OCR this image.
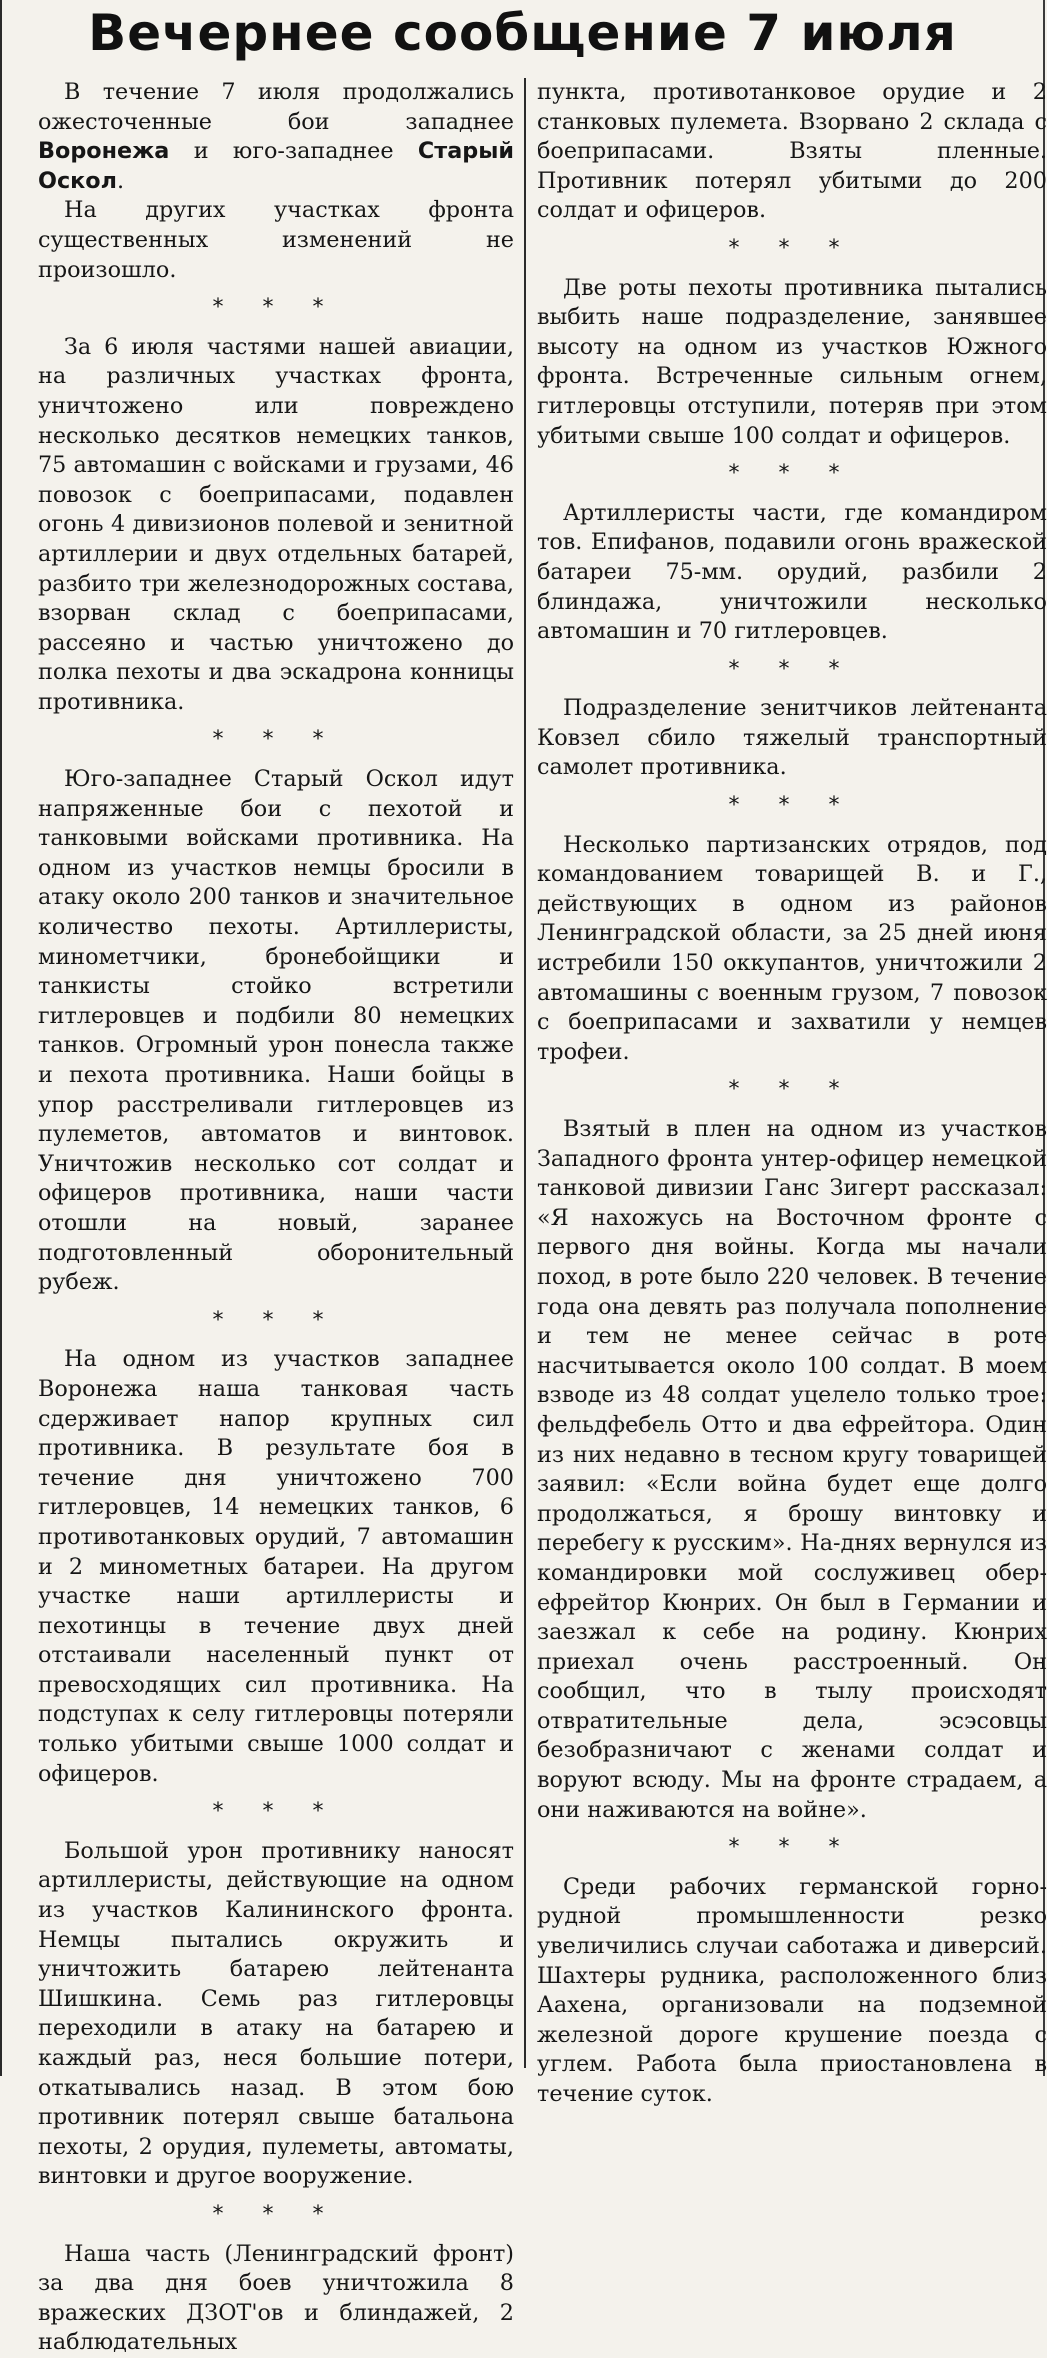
Вечернее сообщение 7 июля

В течение 7 июля продолжались ожесточенные бои западнее Воронежа и юго-западнее Старый Оскол.

На других участках фронта существенных изменений не произошло.

* * *

За 6 июля частями нашей авиации, на различных участках фронта, уничтожено или повреждено несколько десятков немецких танков, 75 автомашин с войсками и грузами, 46 повозок с боеприпасами, подавлен огонь 4 дивизионов полевой и зенитной артиллерии и двух отдельных батарей, разбито три железнодорожных состава, взорван склад с боеприпасами, рассеяно и частью уничтожено до полка пехоты и два эскадрона конницы противника.

* * *

Юго-западнее Старый Оскол идут напряженные бои с пехотой и танковыми войсками противника. На одном из участков немцы бросили в атаку около 200 танков и значительное количество пехоты. Артиллеристы, минометчики, бронебойщики и танкисты стойко встретили гитлеровцев и подбили 80 немецких танков. Огромный урон понесла также и пехота противника. Наши бойцы в упор расстреливали гитлеровцев из пулеметов, автоматов и винтовок. Уничтожив несколько сот солдат и офицеров противника, наши части отошли на новый, заранее подготовленный оборонительный рубеж.

* * *

На одном из участков западнее Воронежа наша танковая часть сдерживает напор крупных сил противника. В результате боя в течение дня уничтожено 700 гитлеровцев, 14 немецких танков, 6 противотанковых орудий, 7 автомашин и 2 минометных батареи. На другом участке наши артиллеристы и пехотинцы в течение двух дней отстаивали населенный пункт от превосходящих сил противника. На подступах к селу гитлеровцы потеряли только убитыми свыше 1000 солдат и офицеров.

* * *

Большой урон противнику наносят артиллеристы, действующие на одном из участков Калининского фронта. Немцы пытались окружить и уничтожить батарею лейтенанта Шишкина. Семь раз гитлеровцы переходили в атаку на батарею и каждый раз, неся большие потери, откатывались назад. В этом бою противник потерял свыше батальона пехоты, 2 орудия, пулеметы, автоматы, винтовки и другое вооружение.

* * *

Наша часть (Ленинградский фронт) за два дня боев уничтожила 8 вражеских ДЗОТ'ов и блиндажей, 2 наблюдательных

пункта, противотанковое орудие и 2 станковых пулемета. Взорвано 2 склада с боеприпасами. Взяты пленные. Противник потерял убитыми до 200 солдат и офицеров.

* * *

Две роты пехоты противника пытались выбить наше подразделение, занявшее высоту на одном из участков Южного фронта. Встреченные сильным огнем, гитлеровцы отступили, потеряв при этом убитыми свыше 100 солдат и офицеров.

* * *

Артиллеристы части, где командиром тов. Епифанов, подавили огонь вражеской батареи 75-мм. орудий, разбили 2 блиндажа, уничтожили несколько автомашин и 70 гитлеровцев.

* * *

Подразделение зенитчиков лейтенанта Ковзел сбило тяжелый транспортный самолет противника.

* * *

Несколько партизанских отрядов, под командованием товарищей В. и Г., действующих в одном из районов Ленинградской области, за 25 дней июня истребили 150 оккупантов, уничтожили 2 автомашины с военным грузом, 7 повозок с боеприпасами и захватили у немцев трофеи.

* * *

Взятый в плен на одном из участков Западного фронта унтер-офицер немецкой танковой дивизии Ганс Зигерт рассказал: «Я нахожусь на Восточном фронте с первого дня войны. Когда мы начали поход, в роте было 220 человек. В течение года она девять раз получала пополнение и тем не менее сейчас в роте насчитывается около 100 солдат. В моем взводе из 48 солдат уцелело только трое: фельдфебель Отто и два ефрейтора. Один из них недавно в тесном кругу товарищей заявил: «Если война будет еще долго продолжаться, я брошу винтовку и перебегу к русским». На-днях вернулся из командировки мой сослуживец обер-ефрейтор Кюнрих. Он был в Германии и заезжал к себе на родину. Кюнрих приехал очень расстроенный. Он сообщил, что в тылу происходят отвратительные дела, эсэсовцы безобразничают с женами солдат и воруют всюду. Мы на фронте страдаем, а они наживаются на войне».

* * *

Среди рабочих германской горно-рудной промышленности резко увеличились случаи саботажа и диверсий. Шахтеры рудника, расположенного близ Аахена, организовали на подземной железной дороге крушение поезда с углем. Работа была приостановлена в течение суток.
